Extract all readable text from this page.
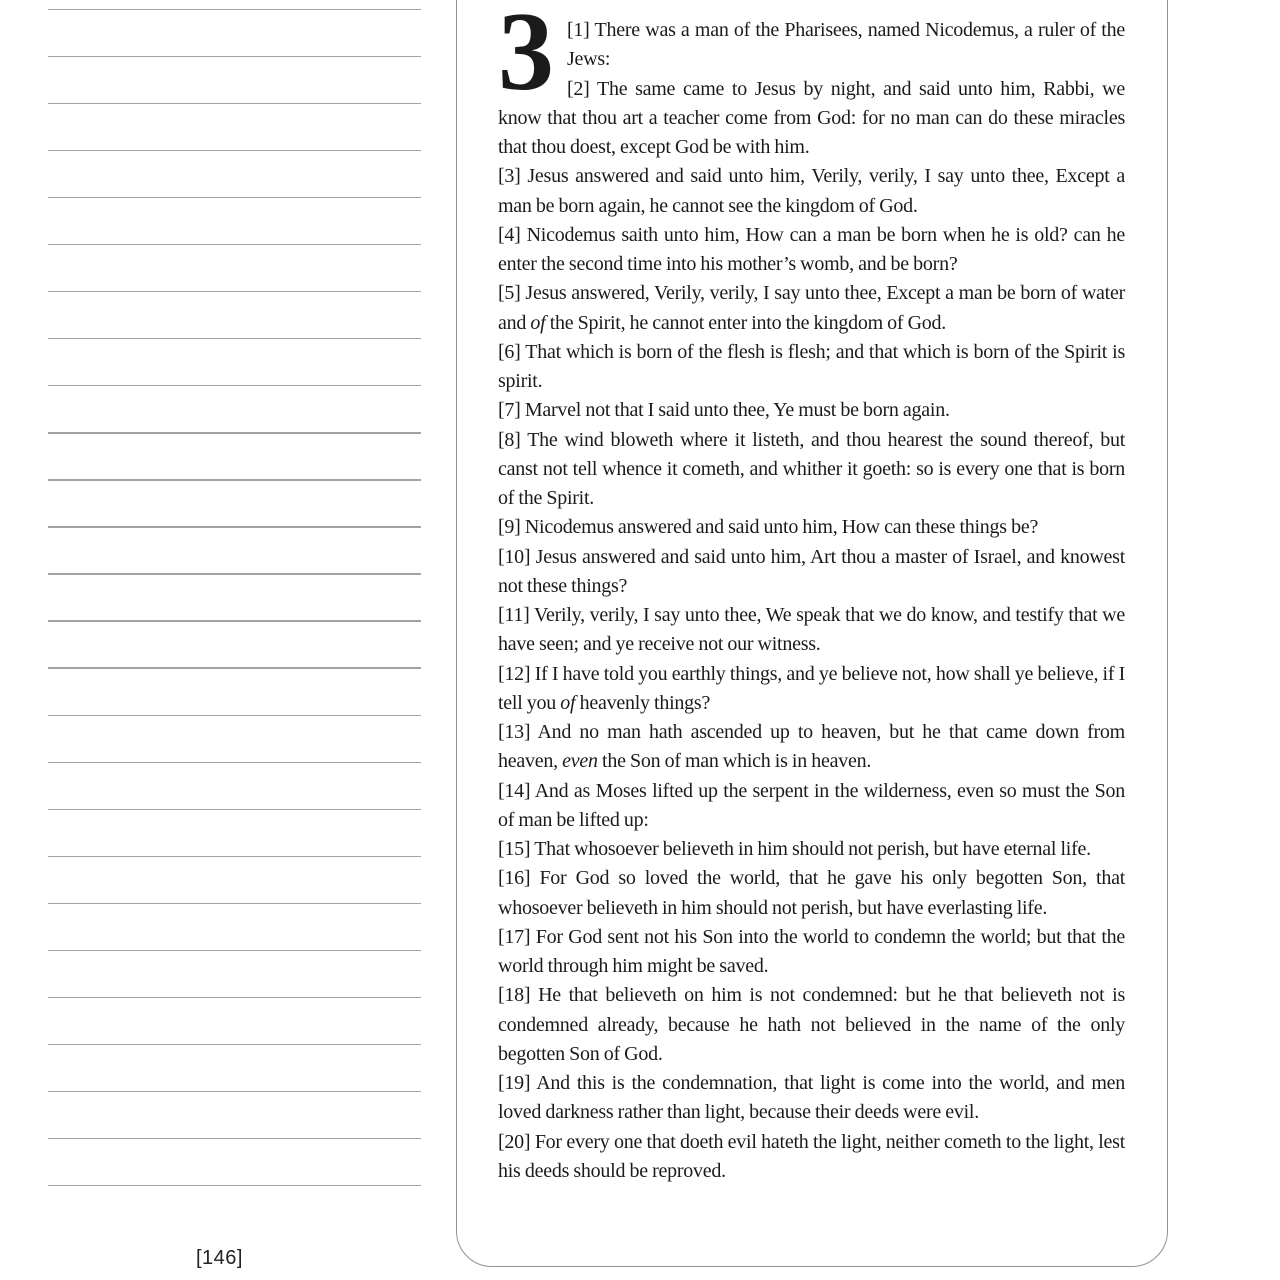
[146]

3 [1] There was a man of the Pharisees, named Nicodemus, a ruler of the Jews:

[2] The same came to Jesus by night, and said unto him, Rabbi, we know that thou art a teacher come from God: for no man can do these miracles that thou doest, except God be with him.

[3] Jesus answered and said unto him, Verily, verily, I say unto thee, Except a man be born again, he cannot see the kingdom of God.

[4] Nicodemus saith unto him, How can a man be born when he is old? can he enter the second time into his mother’s womb, and be born?

[5] Jesus answered, Verily, verily, I say unto thee, Except a man be born of water and of the Spirit, he cannot enter into the kingdom of God.

[6] That which is born of the flesh is flesh; and that which is born of the Spirit is spirit.

[7] Marvel not that I said unto thee, Ye must be born again.

[8] The wind bloweth where it listeth, and thou hearest the sound thereof, but canst not tell whence it cometh, and whither it goeth: so is every one that is born of the Spirit.

[9] Nicodemus answered and said unto him, How can these things be?

[10] Jesus answered and said unto him, Art thou a master of Israel, and knowest not these things?

[11] Verily, verily, I say unto thee, We speak that we do know, and testify that we have seen; and ye receive not our witness.

[12] If I have told you earthly things, and ye believe not, how shall ye believe, if I tell you of heavenly things?

[13] And no man hath ascended up to heaven, but he that came down from heaven, even the Son of man which is in heaven.

[14] And as Moses lifted up the serpent in the wilderness, even so must the Son of man be lifted up:

[15] That whosoever believeth in him should not perish, but have eternal life.

[16] For God so loved the world, that he gave his only begotten Son, that whosoever believeth in him should not perish, but have everlasting life.

[17] For God sent not his Son into the world to condemn the world; but that the world through him might be saved.

[18] He that believeth on him is not condemned: but he that believeth not is condemned already, because he hath not believed in the name of the only begotten Son of God.

[19] And this is the condemnation, that light is come into the world, and men loved darkness rather than light, because their deeds were evil.

[20] For every one that doeth evil hateth the light, neither cometh to the light, lest his deeds should be reproved.
